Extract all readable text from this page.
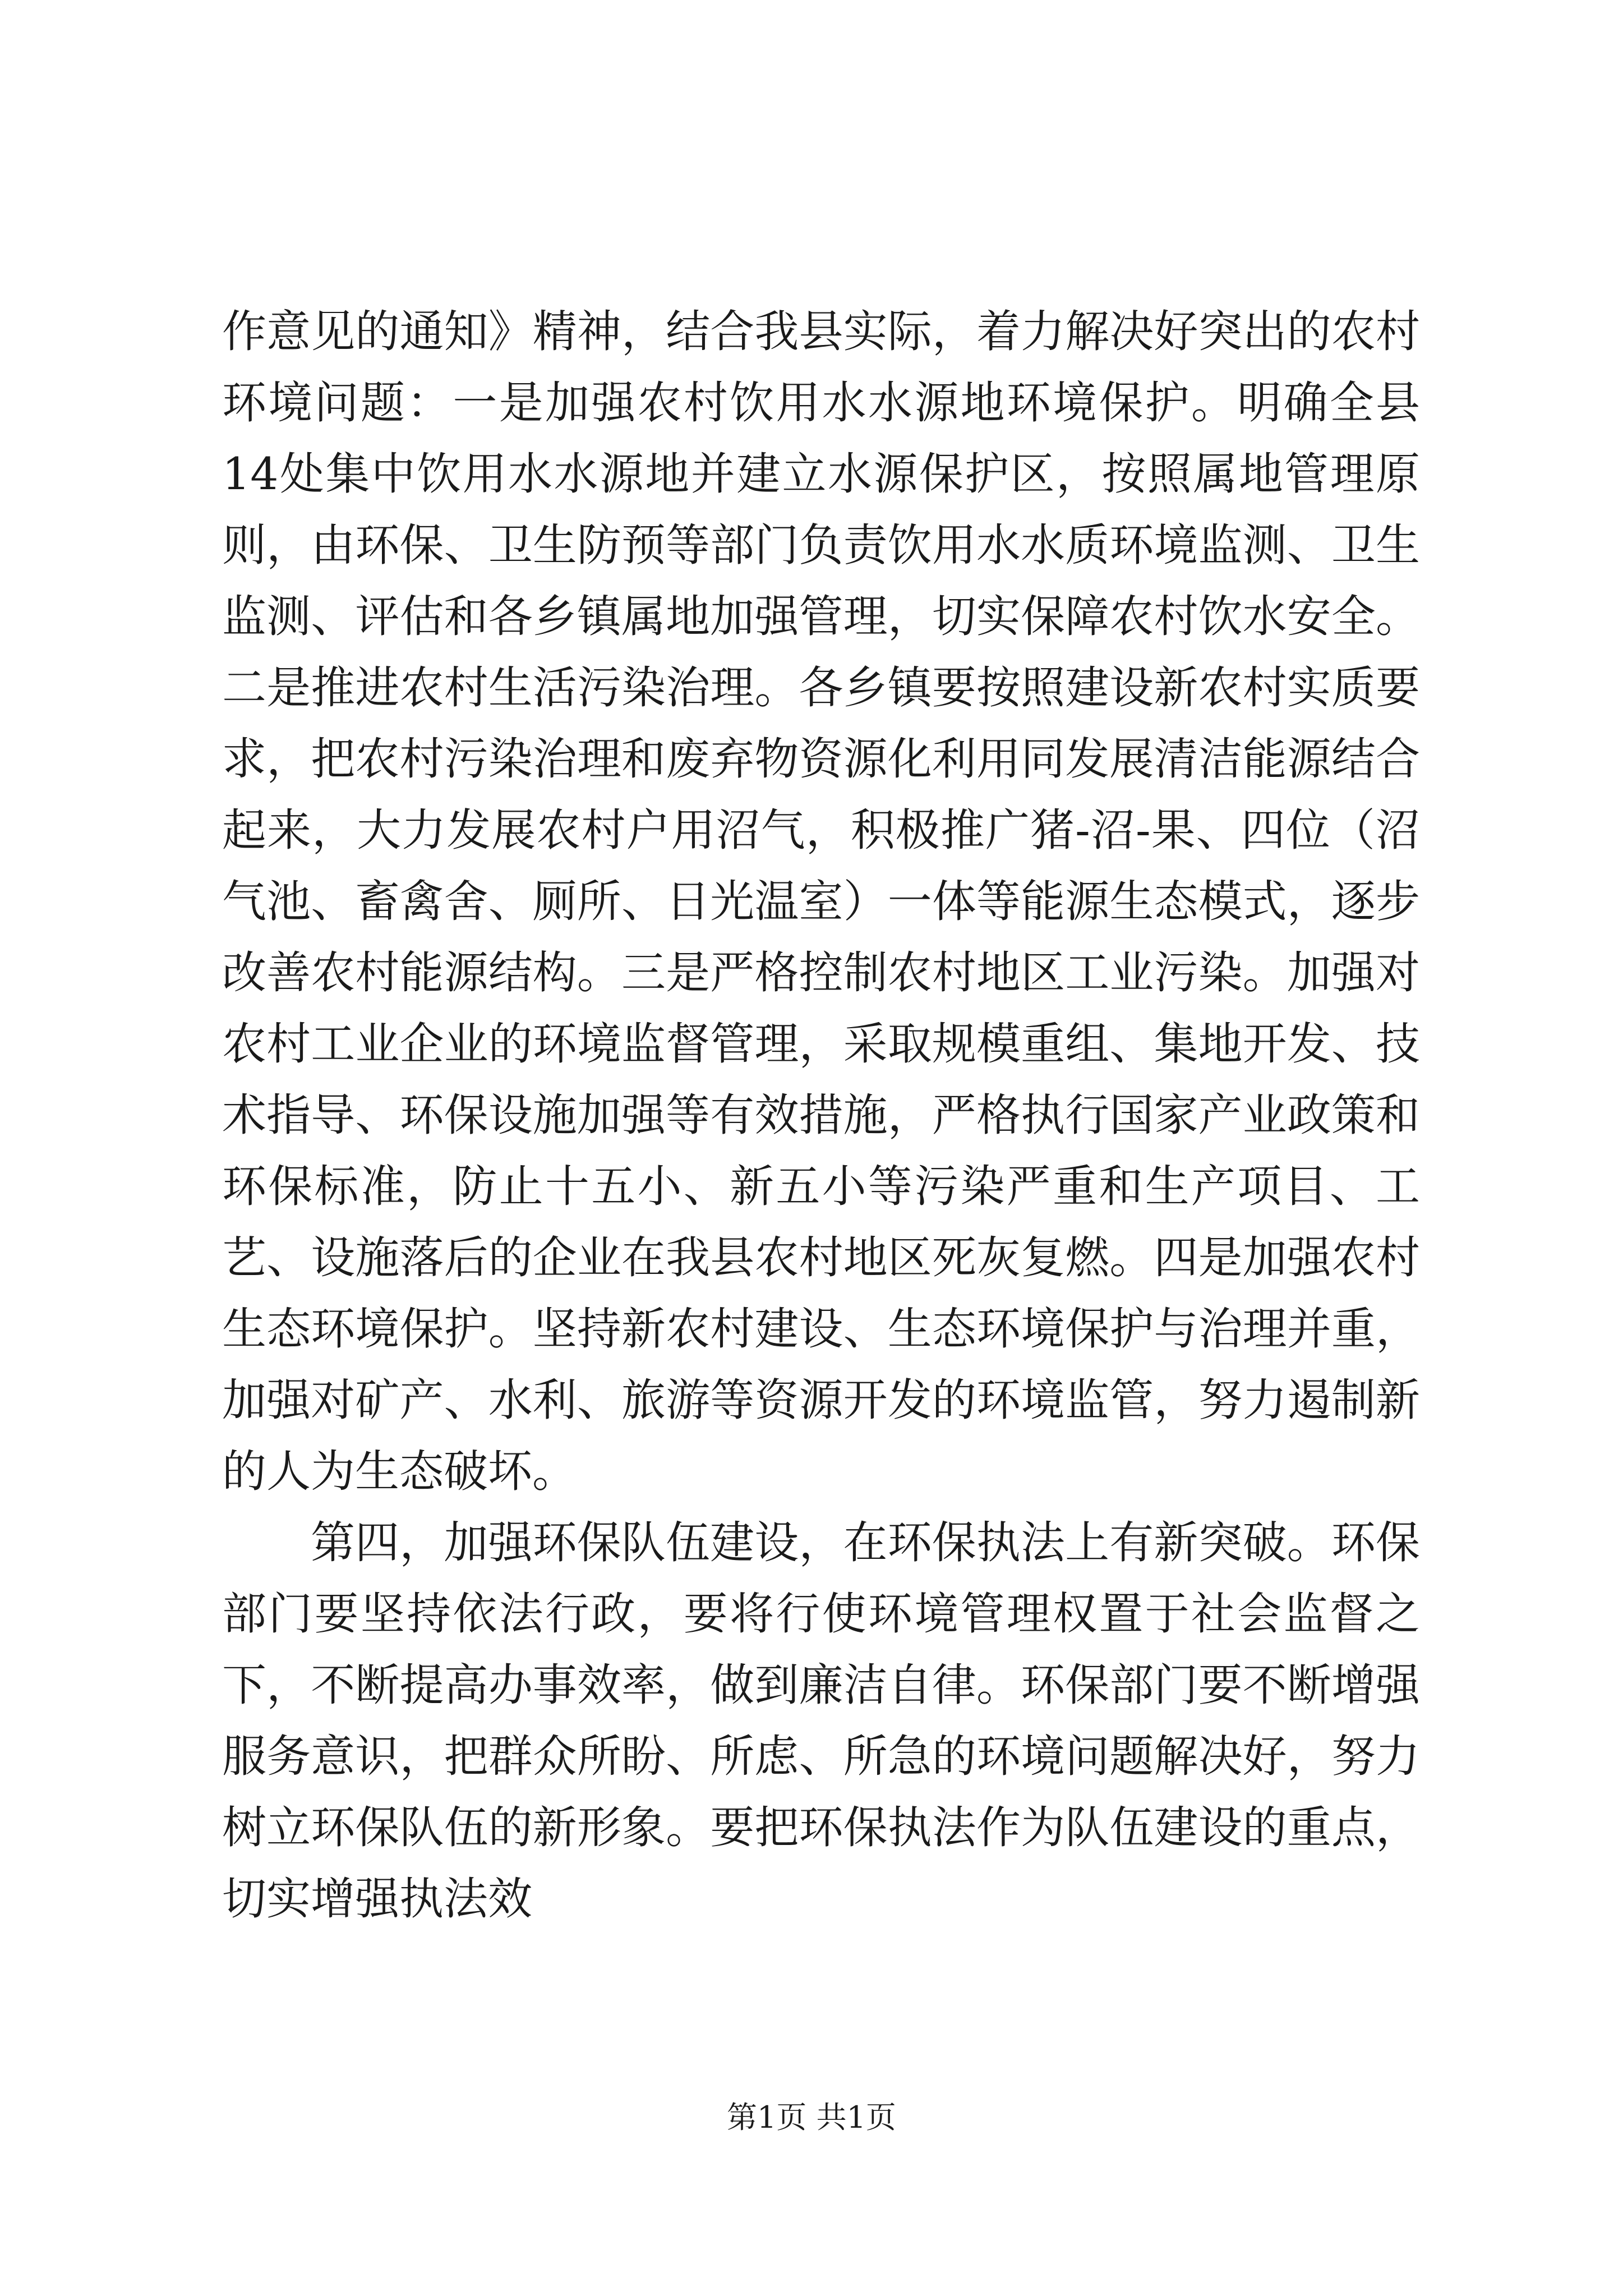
作意见的通知》精神，结合我县实际，着力解决好突出的农村环境问题：一是加强农村饮用水水源地环境保护。明确全县14处集中饮用水水源地并建立水源保护区，按照属地管理原则，由环保、卫生防预等部门负责饮用水水质环境监测、卫生监测、评估和各乡镇属地加强管理，切实保障农村饮水安全。二是推进农村生活污染治理。各乡镇要按照建设新农村实质要求，把农村污染治理和废弃物资源化利用同发展清洁能源结合起来，大力发展农村户用沼气，积极推广猪-沼-果、四位（沼气池、畜禽舍、厕所、日光温室）一体等能源生态模式，逐步改善农村能源结构。三是严格控制农村地区工业污染。加强对农村工业企业的环境监督管理，采取规模重组、集地开发、技术指导、环保设施加强等有效措施，严格执行国家产业政策和环保标准，防止十五小、新五小等污染严重和生产项目、工艺、设施落后的企业在我县农村地区死灰复燃。四是加强农村生态环境保护。坚持新农村建设、生态环境保护与治理并重，加强对矿产、水利、旅游等资源开发的环境监管，努力遏制新的人为生态破坏。

第四，加强环保队伍建设，在环保执法上有新突破。环保部门要坚持依法行政，要将行使环境管理权置于社会监督之下，不断提高办事效率，做到廉洁自律。环保部门要不断增强服务意识，把群众所盼、所虑、所急的环境问题解决好，努力树立环保队伍的新形象。要把环保执法作为队伍建设的重点，切实增强执法效

第1页 共1页
